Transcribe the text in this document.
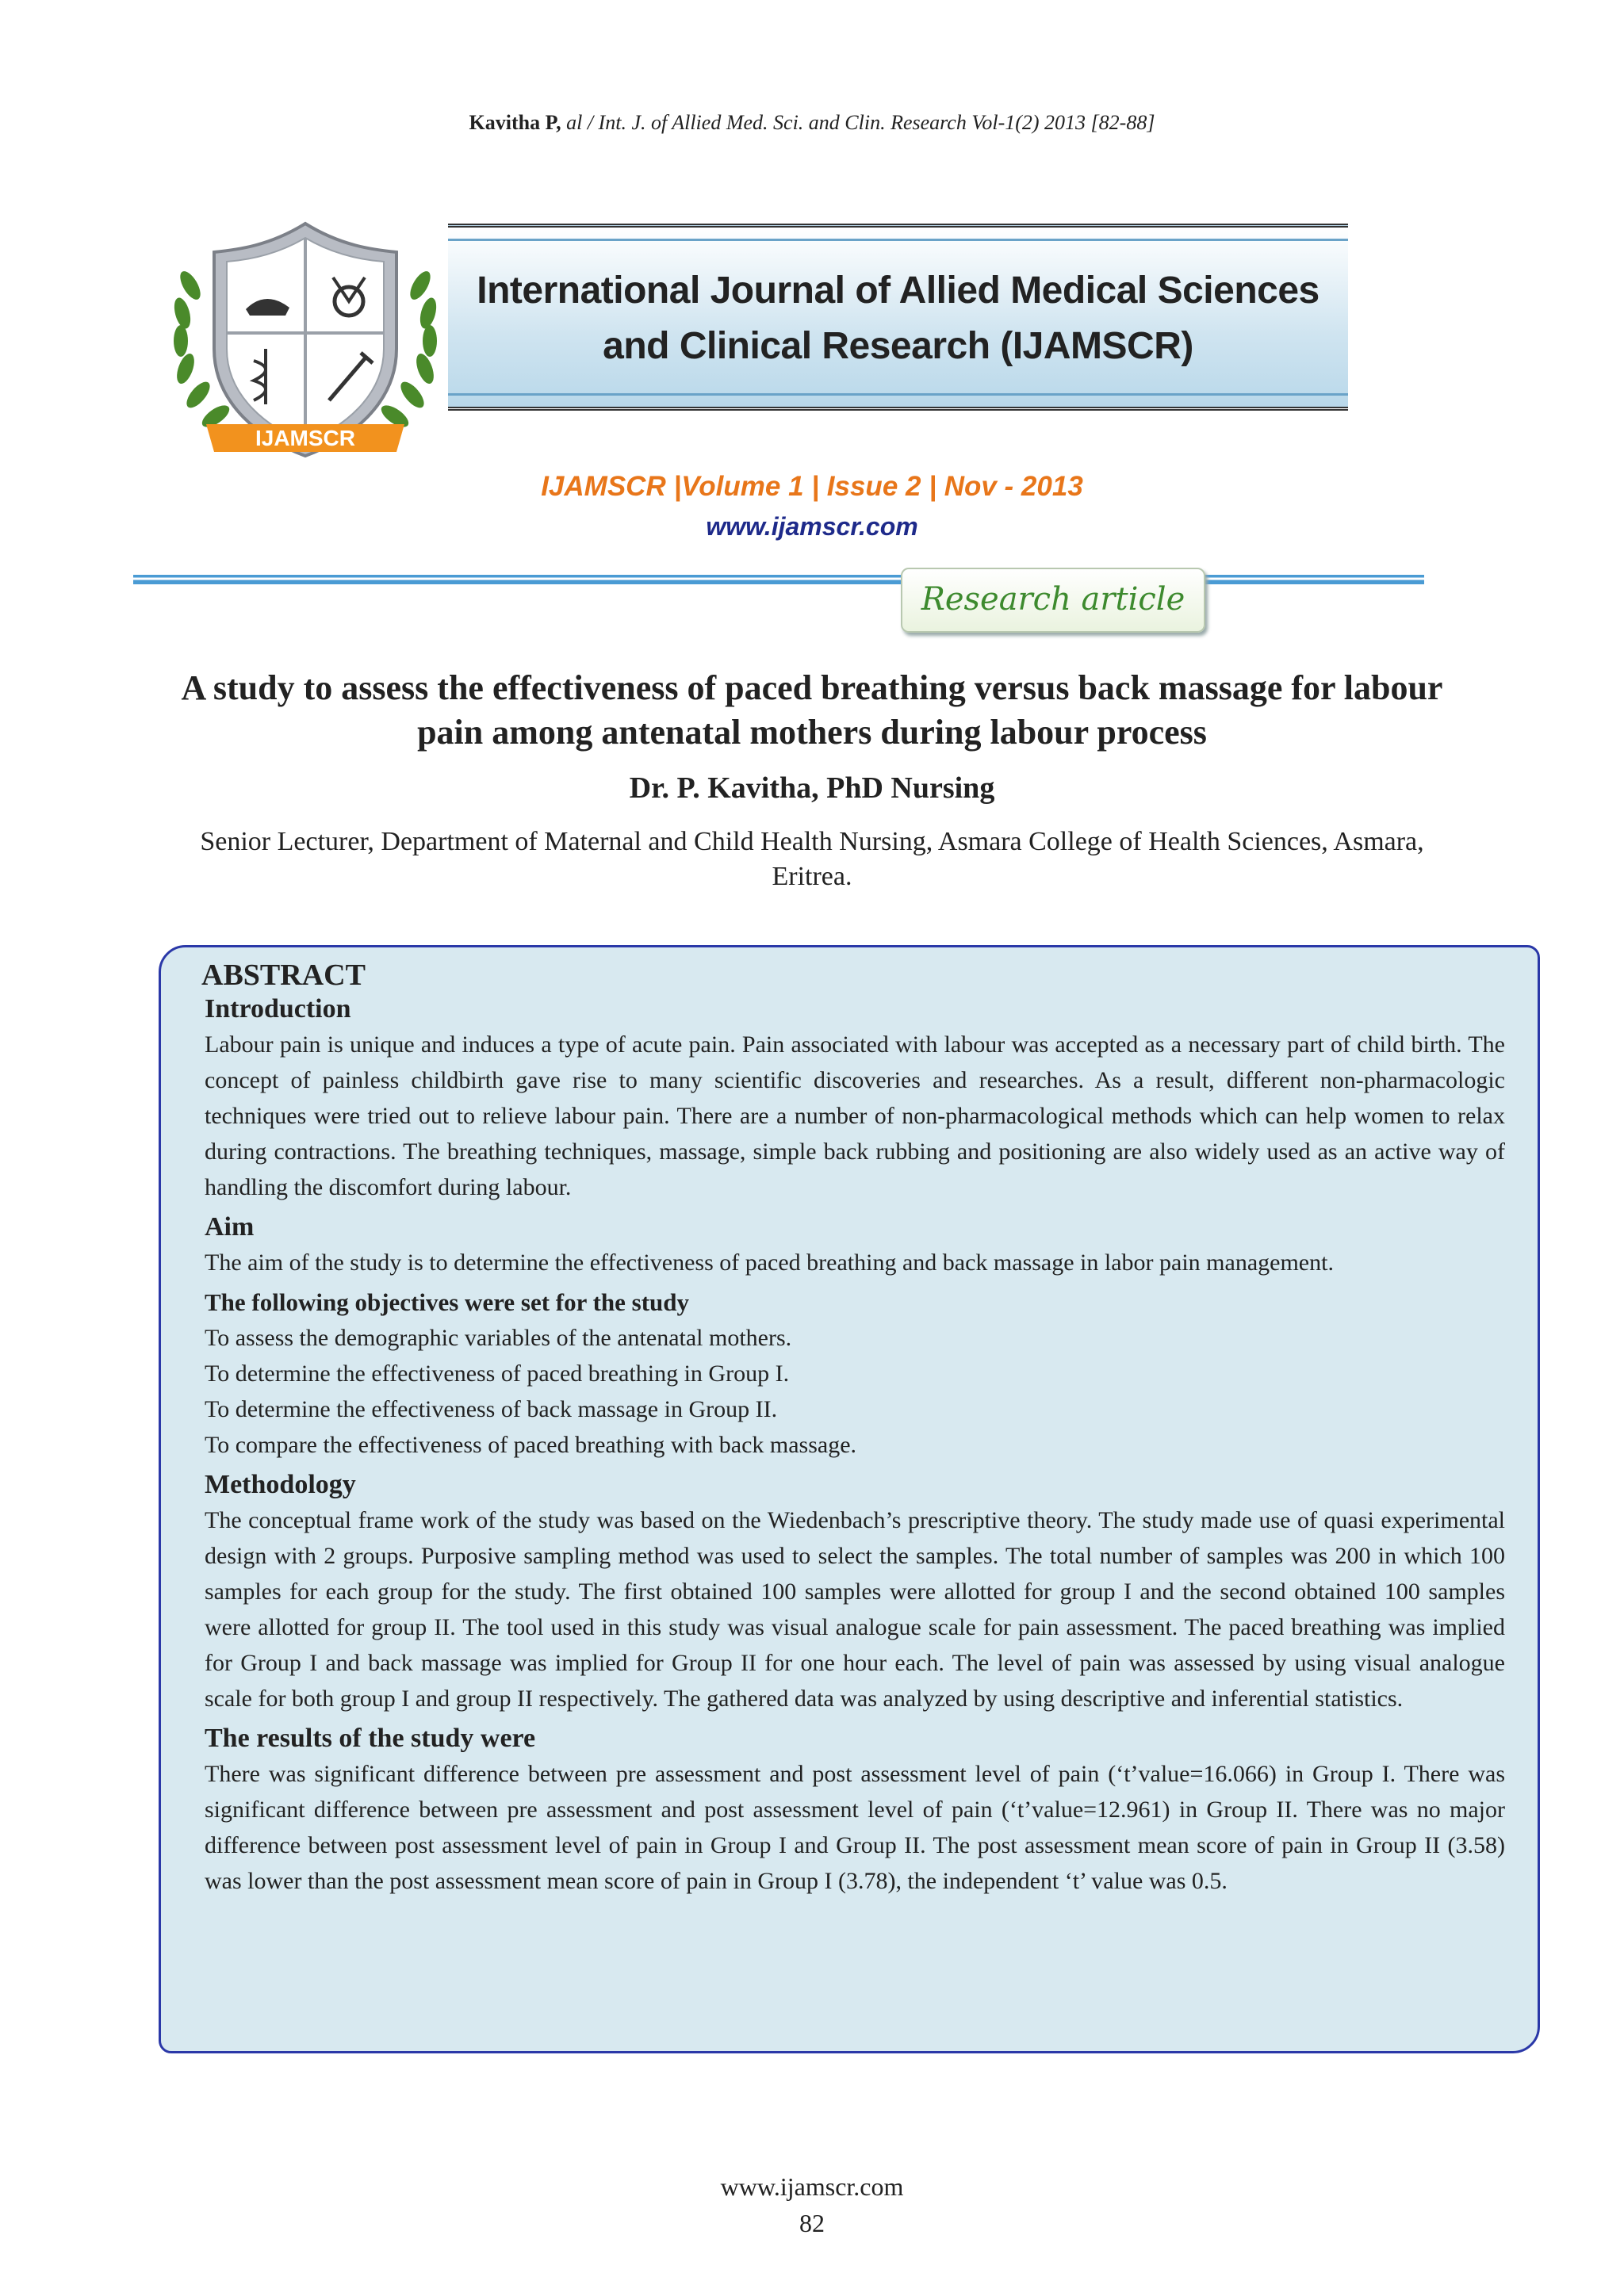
Kavitha P, al / Int. J. of Allied Med. Sci. and Clin. Research Vol-1(2) 2013 [82-88]
IJAMSCR
International Journal of Allied Medical Sciences
and Clinical Research (IJAMSCR)
IJAMSCR |Volume 1 | Issue 2 | Nov - 2013
www.ijamscr.com
Research article
A study to assess the effectiveness of paced breathing versus back massage for labour pain among antenatal mothers during labour process
Dr. P. Kavitha, PhD Nursing
Senior Lecturer, Department of Maternal and Child Health Nursing, Asmara College of Health Sciences, Asmara, Eritrea.
ABSTRACT
Introduction

Labour pain is unique and induces a type of acute pain. Pain associated with labour was accepted as a necessary part of child birth. The concept of painless childbirth gave rise to many scientific discoveries and researches. As a result, different non-pharmacologic techniques were tried out to relieve labour pain. There are a number of non-pharmacological methods which can help women to relax during contractions. The breathing techniques, massage, simple back rubbing and positioning are also widely used as an active way of handling the discomfort during labour.

Aim

The aim of the study is to determine the effectiveness of paced breathing and back massage in labor pain management.

The following objectives were set for the study
To assess the demographic variables of the antenatal mothers.
To determine the effectiveness of paced breathing in Group I.
To determine the effectiveness of back massage in Group II.
To compare the effectiveness of paced breathing with back massage.
Methodology

The conceptual frame work of the study was based on the Wiedenbach’s prescriptive theory. The study made use of quasi experimental design with 2 groups. Purposive sampling method was used to select the samples. The total number of samples was 200 in which 100 samples for each group for the study. The first obtained 100 samples were allotted for group I and the second obtained 100 samples were allotted for group II. The tool used in this study was visual analogue scale for pain assessment. The paced breathing was implied for Group I and back massage was implied for Group II for one hour each. The level of pain was assessed by using visual analogue scale for both group I and group II respectively. The gathered data was analyzed by using descriptive and inferential statistics.

The results of the study were

There was significant difference between pre assessment and post assessment level of pain (‘t’value=16.066) in Group I. There was significant difference between pre assessment and post assessment level of pain (‘t’value=12.961) in Group II. There was no major difference between post assessment level of pain in Group I and Group II. The post assessment mean score of pain in Group II (3.58) was lower than the post assessment mean score of pain in Group I (3.78), the independent ‘t’ value was 0.5.

www.ijamscr.com
82
